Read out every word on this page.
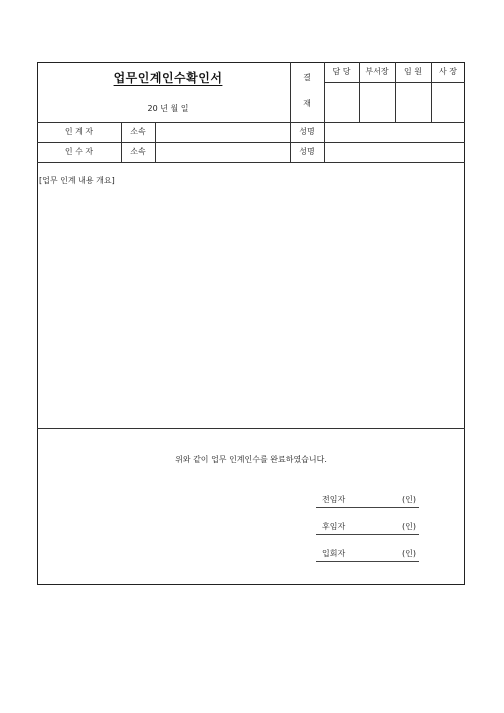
업무인계인수확인서
20 년 월 일
결
재
담 당	부서장	임 원	사 장
인 계 자	소속	성명
인 수 자	소속	성명
[업무 인계 내용 개요]
위와 같이 업무 인계인수를 완료하였습니다.
전임자	(인)
후임자	(인)
입회자	(인)
